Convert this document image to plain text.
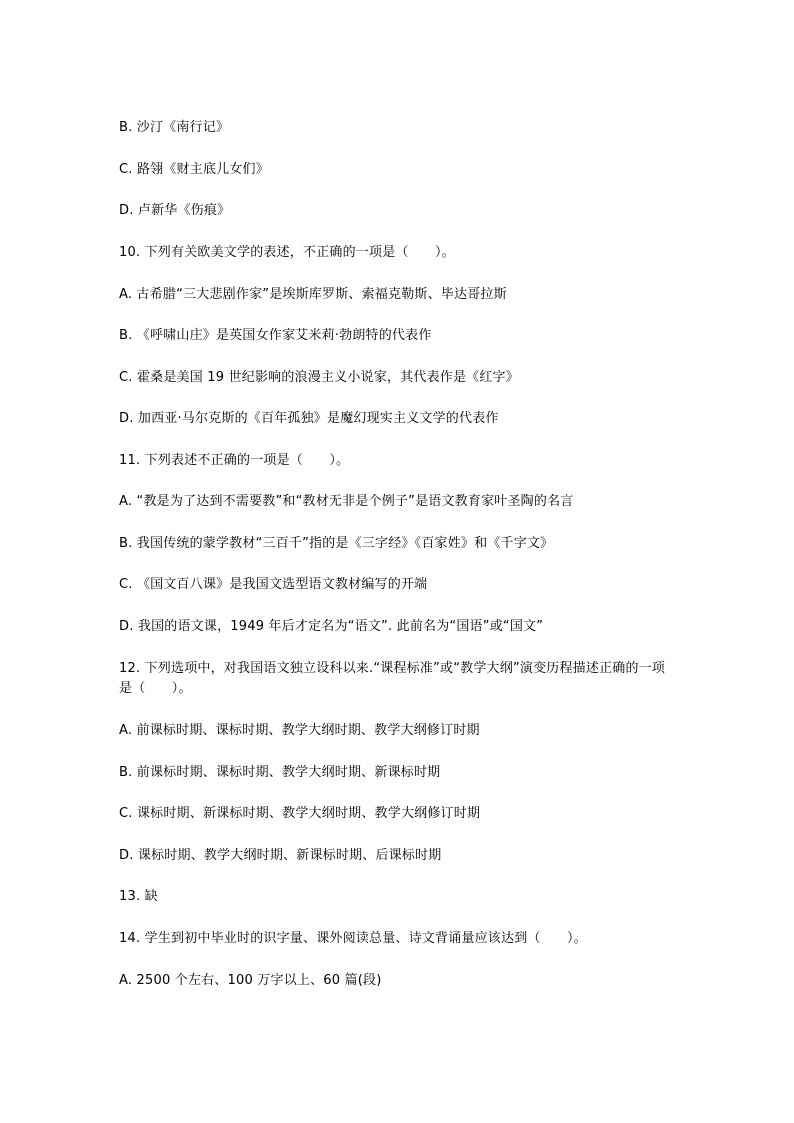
B. 沙汀《南行记》
C. 路翎《财主底儿女们》
D. 卢新华《伤痕》
10. 下列有关欧美文学的表述，不正确的一项是（　　）。
A. 古希腊“三大悲剧作家”是埃斯库罗斯、索福克勒斯、毕达哥拉斯
B. 《呼啸山庄》是英国女作家艾米莉·勃朗特的代表作
C. 霍桑是美国 19 世纪影响的浪漫主义小说家，其代表作是《红字》
D. 加西亚·马尔克斯的《百年孤独》是魔幻现实主义文学的代表作
11. 下列表述不正确的一项是（　　）。
A. “教是为了达到不需要教”和“教材无非是个例子”是语文教育家叶圣陶的名言
B. 我国传统的蒙学教材“三百千”指的是《三字经》《百家姓》和《千字文》
C. 《国文百八课》是我国文选型语文教材编写的开端
D. 我国的语文课，1949 年后才定名为“语文”. 此前名为“国语”或“国文”
12. 下列选项中，对我国语文独立设科以来.“课程标准”或“教学大纲”演变历程描述正确的一项是（　　）。
A. 前课标时期、课标时期、教学大纲时期、教学大纲修订时期
B. 前课标时期、课标时期、教学大纲时期、新课标时期
C. 课标时期、新课标时期、教学大纲时期、教学大纲修订时期
D. 课标时期、教学大纲时期、新课标时期、后课标时期
13. 缺
14. 学生到初中毕业时的识字量、课外阅读总量、诗文背诵量应该达到（　　）。
A. 2500 个左右、100 万字以上、60 篇(段)
